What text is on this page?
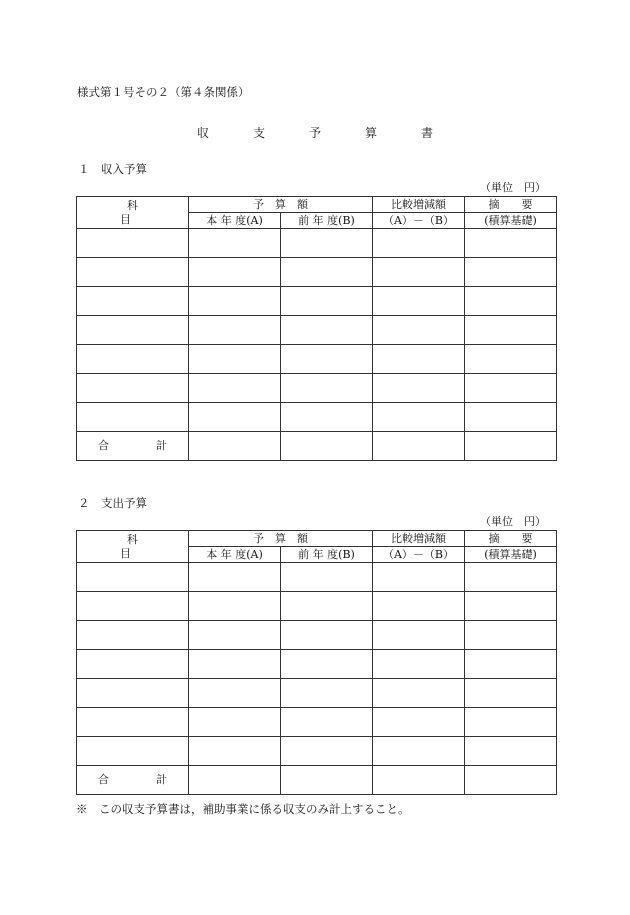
様式第１号その２（第４条関係）
収　支　予　算　書
１　収入予算
（単位　円）
科　　目	予　算　額		比較増減額	摘　　要
	本 年 度(A)	前 年 度(B)	（A）－（B）	(積算基礎)

合　計				
２　支出予算
（単位　円）
科　　目	予　算　額		比較増減額	摘　　要
	本 年 度(A)	前 年 度(B)	（A）－（B）	(積算基礎)

合　計				
※　この収支予算書は，補助事業に係る収支のみ計上すること。
